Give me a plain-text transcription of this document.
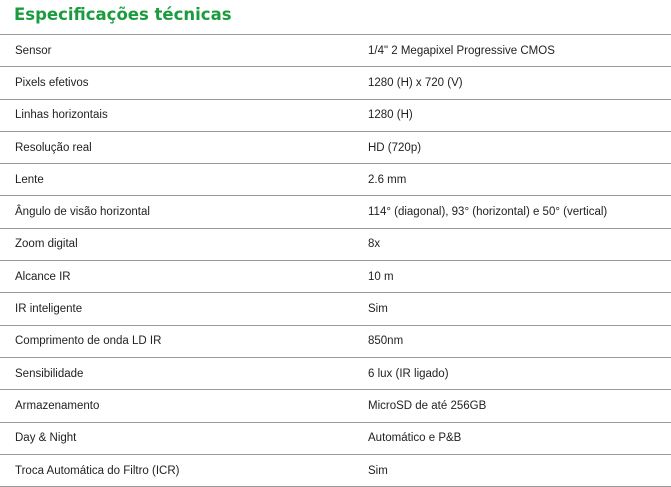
Especificações técnicas
Sensor	1/4" 2 Megapixel Progressive CMOS
Pixels efetivos	1280 (H) x 720 (V)
Linhas horizontais	1280 (H)
Resolução real	HD (720p)
Lente	2.6 mm
Ângulo de visão horizontal	114° (diagonal), 93° (horizontal) e 50° (vertical)
Zoom digital	8x
Alcance IR	10 m
IR inteligente	Sim
Comprimento de onda LD IR	850nm
Sensibilidade	6 lux (IR ligado)
Armazenamento	MicroSD de até 256GB
Day & Night	Automático e P&B
Troca Automática do Filtro (ICR)	Sim
